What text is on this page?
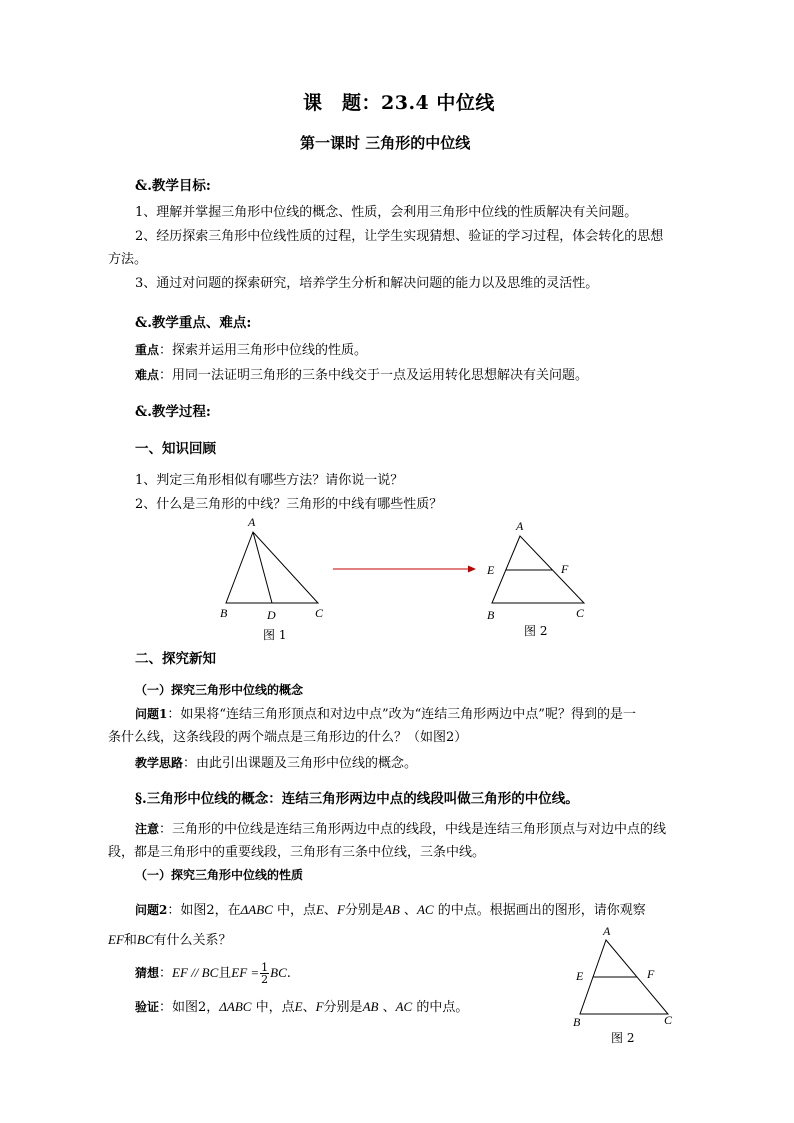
课　题：23.4 中位线
第一课时 三角形的中位线
&.教学目标:
1、理解并掌握三角形中位线的概念、性质，会利用三角形中位线的性质解决有关问题。
2、经历探索三角形中位线性质的过程，让学生实现猜想、验证的学习过程，体会转化的思想
方法。
3、通过对问题的探索研究，培养学生分析和解决问题的能力以及思维的灵活性。
&.教学重点、难点:
重点：探索并运用三角形中位线的性质。
难点：用同一法证明三角形的三条中线交于一点及运用转化思想解决有关问题。
&.教学过程:
一、知识回顾
1、判定三角形相似有哪些方法？请你说一说？
2、什么是三角形的中线？三角形的中线有哪些性质？
A
B	D	C
图 1
A
E	F
B	C
图 2
二、探究新知
（一）探究三角形中位线的概念
问题1：如果将“连结三角形顶点和对边中点”改为“连结三角形两边中点”呢？得到的是一
条什么线，这条线段的两个端点是三角形边的什么？（如图2）
教学思路：由此引出课题及三角形中位线的概念。
§.三角形中位线的概念：连结三角形两边中点的线段叫做三角形的中位线。
注意：三角形的中位线是连结三角形两边中点的线段，中线是连结三角形顶点与对边中点的线
段，都是三角形中的重要线段，三角形有三条中位线，三条中线。
（一）探究三角形中位线的性质
问题2：如图2，在ΔABC 中，点E、F分别是AB 、AC 的中点。根据画出的图形，请你观察
EF和BC有什么关系？
猜想：EF // BC且EF = $\frac{1}{2}$ BC.
验证：如图2，ΔABC 中，点E、F分别是AB 、AC 的中点。
A
E	F
B	C
图 2
